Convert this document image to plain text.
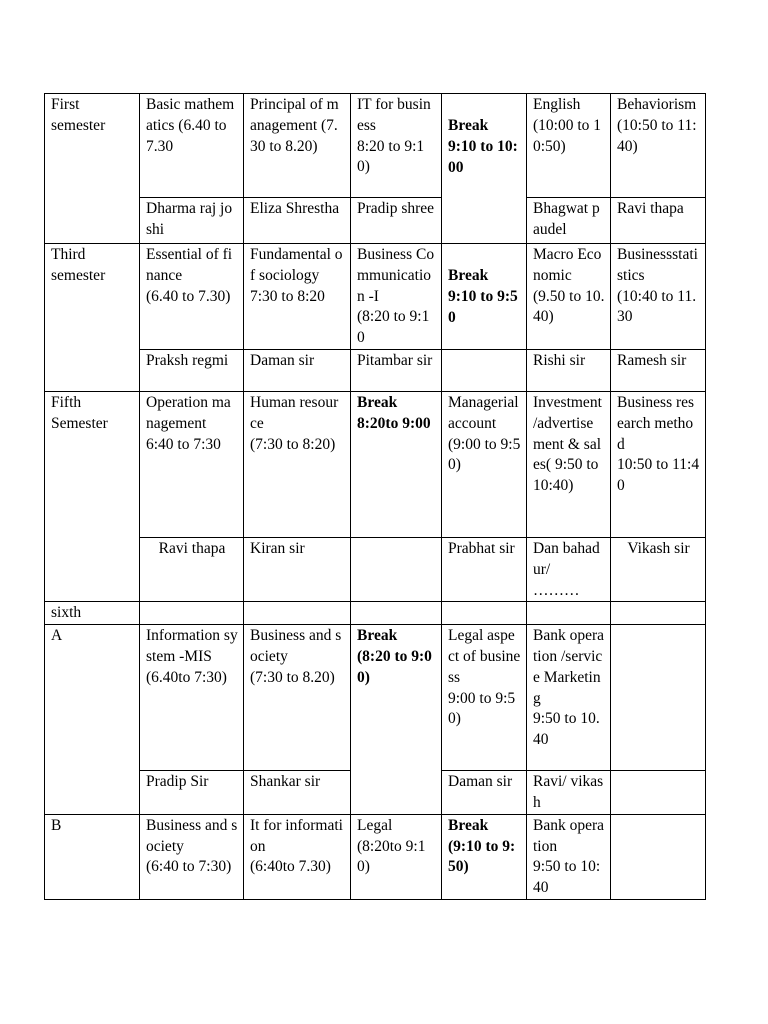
First
semester	Basic mathematics (6.40 to 7.30	Principal of management (7.30 to 8.20)	IT for business
8:20 to 9:10)	Break
9:10 to 10:00	English
(10:00 to 10:50)	Behaviorism
(10:50 to 11:40)

	Dharma raj joshi	Eliza Shrestha	Pradip shree		Bhagwat paudel	Ravi thapa

Third
semester	Essential of finance
(6.40 to 7.30)	Fundamental of sociology
7:30 to 8:20	Business Communication -I
(8:20 to 9:10	Break
9:10 to 9:50	Macro Economic
(9.50 to 10.40)	Businessstatistics
(10:40 to 11.30

	Praksh regmi	Daman sir	Pitambar sir		Rishi sir	Ramesh sir

Fifth
Semester	Operation management
6:40 to 7:30	Human resource
(7:30 to 8:20)	Break
8:20to 9:00	Managerial account
(9:00 to 9:50)	Investment /advertisement & sales( 9:50 to 10:40)	Business research method
10:50 to 11:40

	Ravi thapa	Kiran sir		Prabhat sir	Dan bahadur/
………	Vikash sir

sixth						

A	Information system -MIS
(6.40to 7:30)	Business and society
(7:30 to 8.20)	Break
(8:20 to 9:00)	Legal aspect of business
9:00 to 9:50)	Bank operation /service Marketing
9:50 to 10.40	

	Pradip Sir	Shankar sir		Daman sir	Ravi/ vikash	

B	Business and society
(6:40 to 7:30)	It for information
(6:40to 7.30)	Legal
(8:20to 9:10)	Break
(9:10 to 9:50)	Bank operation
9:50 to 10:40	
